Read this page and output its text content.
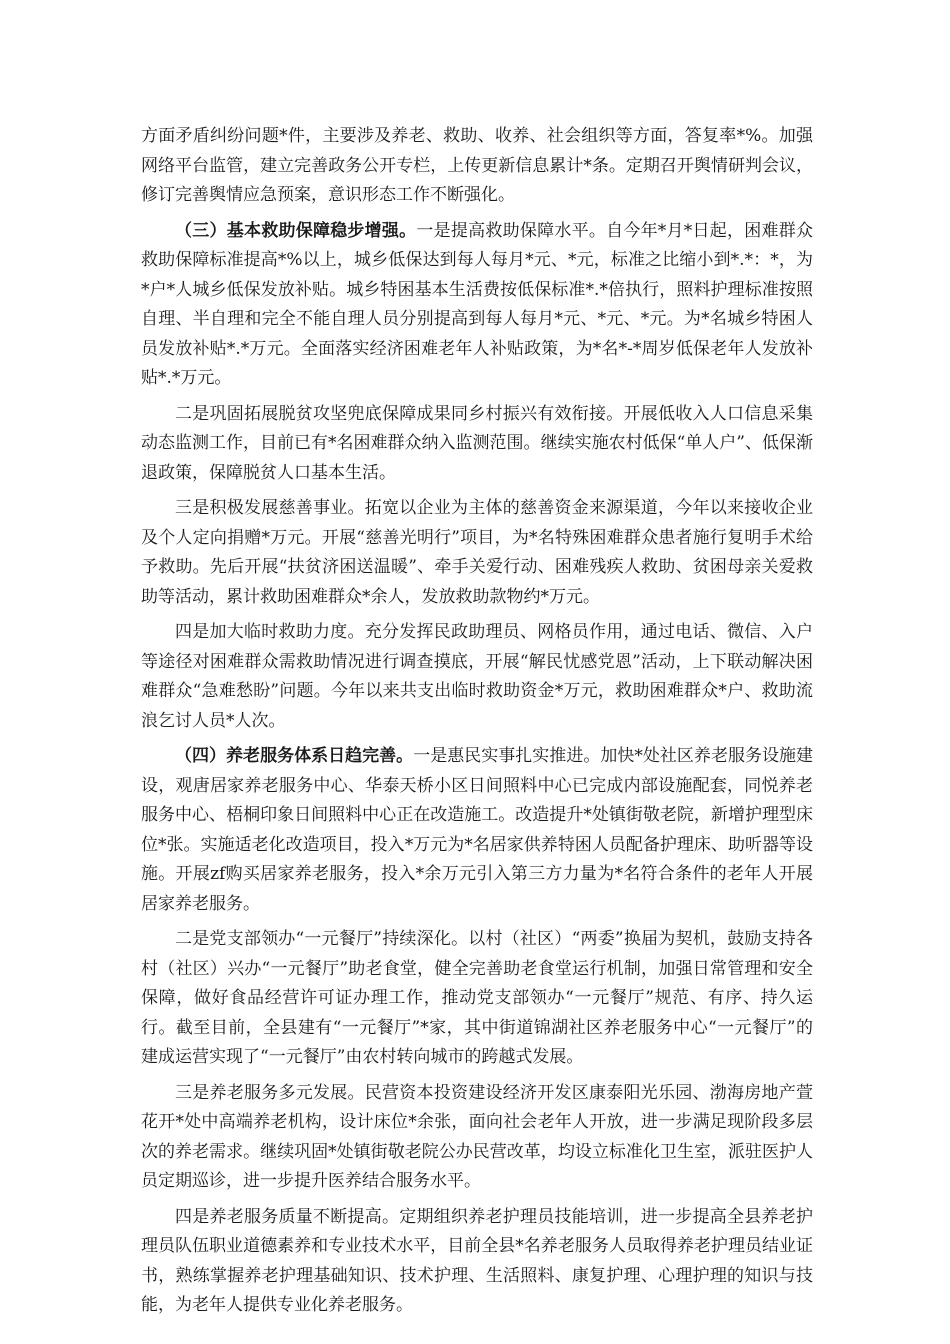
方面矛盾纠纷问题*件，主要涉及养老、救助、收养、社会组织等方面，答复率*%。加强网络平台监管，建立完善政务公开专栏，上传更新信息累计*条。定期召开舆情研判会议，修订完善舆情应急预案，意识形态工作不断强化。

（三）基本救助保障稳步增强。一是提高救助保障水平。自今年*月*日起，困难群众救助保障标准提高*%以上，城乡低保达到每人每月*元、*元，标准之比缩小到*.*：*，为*户*人城乡低保发放补贴。城乡特困基本生活费按低保标准*.*倍执行，照料护理标准按照自理、半自理和完全不能自理人员分别提高到每人每月*元、*元、*元。为*名城乡特困人员发放补贴*.*万元。全面落实经济困难老年人补贴政策，为*名*-*周岁低保老年人发放补贴*.*万元。

二是巩固拓展脱贫攻坚兜底保障成果同乡村振兴有效衔接。开展低收入人口信息采集动态监测工作，目前已有*名困难群众纳入监测范围。继续实施农村低保“单人户”、低保渐退政策，保障脱贫人口基本生活。

三是积极发展慈善事业。拓宽以企业为主体的慈善资金来源渠道，今年以来接收企业及个人定向捐赠*万元。开展“慈善光明行”项目，为*名特殊困难群众患者施行复明手术给予救助。先后开展“扶贫济困送温暖”、牵手关爱行动、困难残疾人救助、贫困母亲关爱救助等活动，累计救助困难群众*余人，发放救助款物约*万元。

四是加大临时救助力度。充分发挥民政助理员、网格员作用，通过电话、微信、入户等途径对困难群众需救助情况进行调查摸底，开展“解民忧感党恩”活动，上下联动解决困难群众“急难愁盼”问题。今年以来共支出临时救助资金*万元，救助困难群众*户、救助流浪乞讨人员*人次。

（四）养老服务体系日趋完善。一是惠民实事扎实推进。加快*处社区养老服务设施建设，观唐居家养老服务中心、华泰天桥小区日间照料中心已完成内部设施配套，同悦养老服务中心、梧桐印象日间照料中心正在改造施工。改造提升*处镇街敬老院，新增护理型床位*张。实施适老化改造项目，投入*万元为*名居家供养特困人员配备护理床、助听器等设施。开展zf购买居家养老服务，投入*余万元引入第三方力量为*名符合条件的老年人开展居家养老服务。

二是党支部领办“一元餐厅”持续深化。以村（社区）“两委”换届为契机，鼓励支持各村（社区）兴办“一元餐厅”助老食堂，健全完善助老食堂运行机制，加强日常管理和安全保障，做好食品经营许可证办理工作，推动党支部领办“一元餐厅”规范、有序、持久运行。截至目前，全县建有“一元餐厅”*家，其中街道锦湖社区养老服务中心“一元餐厅”的建成运营实现了“一元餐厅”由农村转向城市的跨越式发展。

三是养老服务多元发展。民营资本投资建设经济开发区康泰阳光乐园、渤海房地产萱花开*处中高端养老机构，设计床位*余张，面向社会老年人开放，进一步满足现阶段多层次的养老需求。继续巩固*处镇街敬老院公办民营改革，均设立标准化卫生室，派驻医护人员定期巡诊，进一步提升医养结合服务水平。

四是养老服务质量不断提高。定期组织养老护理员技能培训，进一步提高全县养老护理员队伍职业道德素养和专业技术水平，目前全县*名养老服务人员取得养老护理员结业证书，熟练掌握养老护理基础知识、技术护理、生活照料、康复护理、心理护理的知识与技能，为老年人提供专业化养老服务。
